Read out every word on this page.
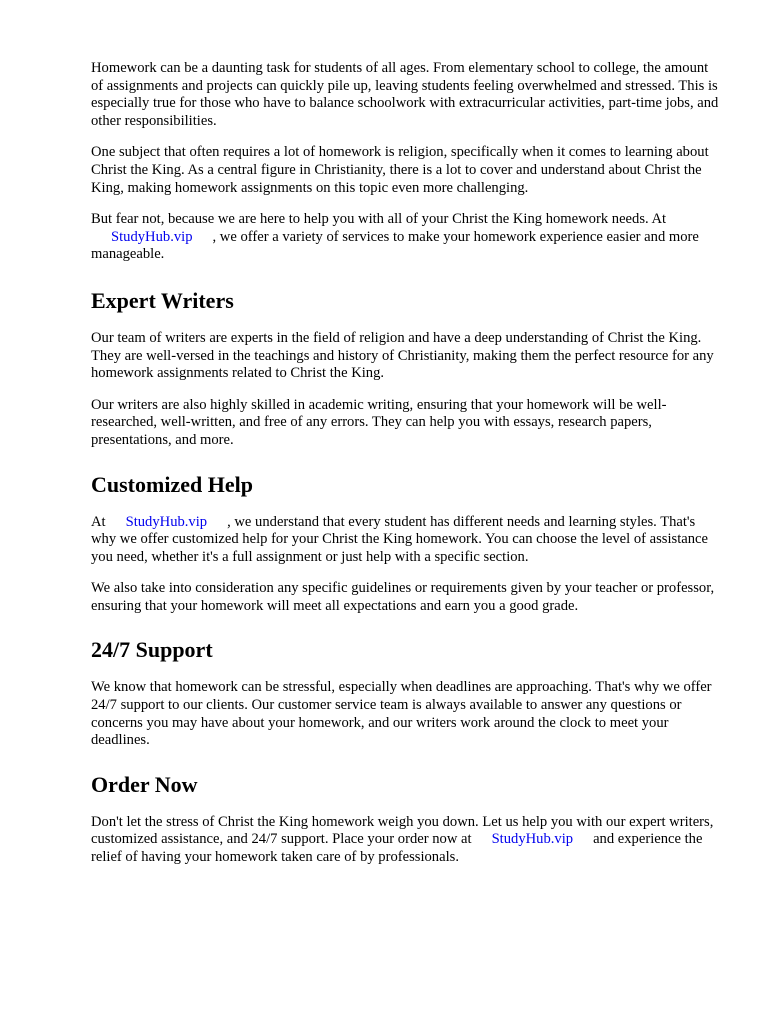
Homework can be a daunting task for students of all ages. From elementary school to college, the amount of assignments and projects can quickly pile up, leaving students feeling overwhelmed and stressed. This is especially true for those who have to balance schoolwork with extracurricular activities, part-time jobs, and other responsibilities.

One subject that often requires a lot of homework is religion, specifically when it comes to learning about Christ the King. As a central figure in Christianity, there is a lot to cover and understand about Christ the King, making homework assignments on this topic even more challenging.

But fear not, because we are here to help you with all of your Christ the King homework needs. At
StudyHub.vip , we offer a variety of services to make your homework experience easier and more manageable.

Expert Writers

Our team of writers are experts in the field of religion and have a deep understanding of Christ the King. They are well-versed in the teachings and history of Christianity, making them the perfect resource for any homework assignments related to Christ the King.

Our writers are also highly skilled in academic writing, ensuring that your homework will be well-researched, well-written, and free of any errors. They can help you with essays, research papers, presentations, and more.

Customized Help

At StudyHub.vip , we understand that every student has different needs and learning styles. That's why we offer customized help for your Christ the King homework. You can choose the level of assistance you need, whether it's a full assignment or just help with a specific section.

We also take into consideration any specific guidelines or requirements given by your teacher or professor, ensuring that your homework will meet all expectations and earn you a good grade.

24/7 Support

We know that homework can be stressful, especially when deadlines are approaching. That's why we offer 24/7 support to our clients. Our customer service team is always available to answer any questions or concerns you may have about your homework, and our writers work around the clock to meet your deadlines.

Order Now

Don't let the stress of Christ the King homework weigh you down. Let us help you with our expert writers, customized assistance, and 24/7 support. Place your order now at StudyHub.vip and experience the relief of having your homework taken care of by professionals.
